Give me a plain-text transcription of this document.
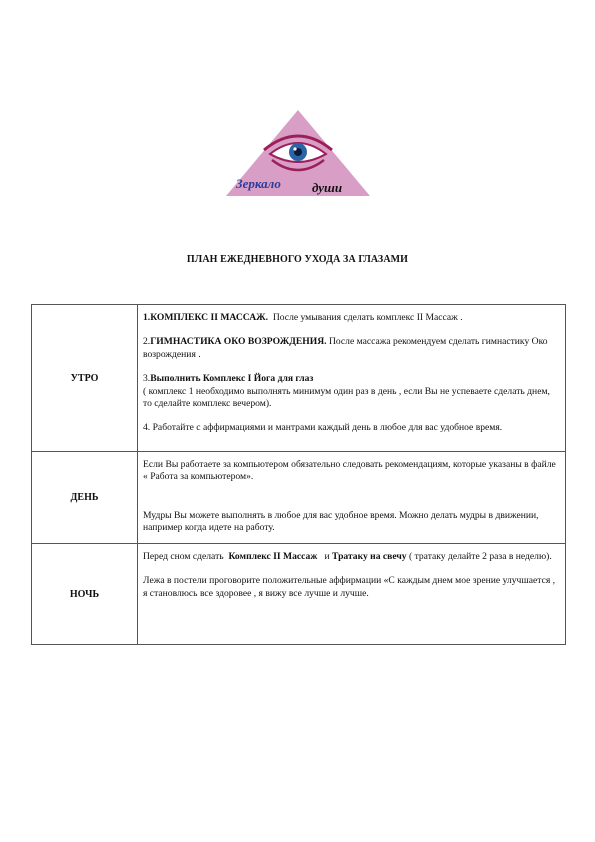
Зеркало души
ПЛАН ЕЖЕДНЕВНОГО УХОДА ЗА ГЛАЗАМИ
УТРО	1.КОМПЛЕКС II МАССАЖ. После умывания сделать комплекс II Массаж .

2.ГИМНАСТИКА ОКО ВОЗРОЖДЕНИЯ. После массажа рекомендуем сделать гимнастику Око возрождения .

3.Выполнить Комплекс I Йога для глаз
( комплекс 1 необходимо выполнять минимум один раз в день , если Вы не успеваете сделать днем, то сделайте комплекс вечером).

4. Работайте с аффирмациями и мантрами каждый день в любое для вас удобное время.

ДЕНЬ	Если Вы работаете за компьютером обязательно следовать рекомендациям, которые указаны в файле « Работа за компьютером».

Мудры Вы можете выполнять в любое для вас удобное время. Можно делать мудры в движении, например когда идете на работу.

НОЧЬ	Перед сном сделать Комплекс II Массаж и Тратаку на свечу ( тратаку делайте 2 раза в неделю).

Лежа в постели проговорите положительные аффирмации «С каждым днем мое зрение улучшается , я становлюсь все здоровее , я вижу все лучше и лучше.
